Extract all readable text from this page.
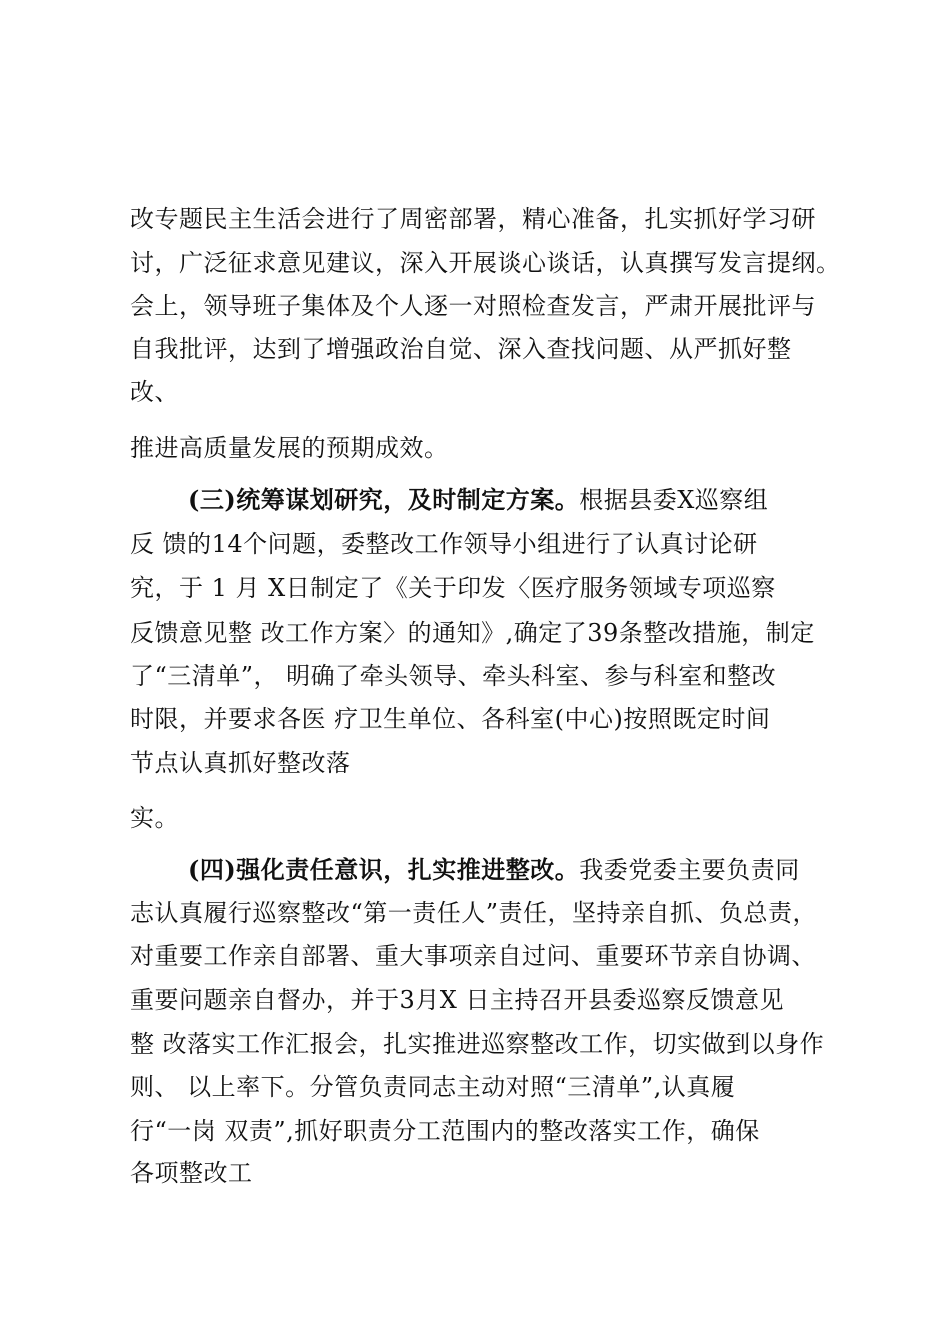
改专题民主生活会进行了周密部署，精心准备，扎实抓好学习研
讨，广泛征求意见建议，深入开展谈心谈话，认真撰写发言提纲。
会上，领导班子集体及个人逐一对照检查发言，严肃开展批评与
自我批评，达到了增强政治自觉、深入查找问题、从严抓好整
改、
推进高质量发展的预期成效。
(三)统筹谋划研究，及时制定方案。根据县委X巡察组
反 馈的14个问题，委整改工作领导小组进行了认真讨论研
究，于 1 月 X日制定了《关于印发〈医疗服务领域专项巡察
反馈意见整 改工作方案〉的通知》,确定了39条整改措施，制定
了“三清单”， 明确了牵头领导、牵头科室、参与科室和整改
时限，并要求各医 疗卫生单位、各科室(中心)按照既定时间
节点认真抓好整改落
实。
(四)强化责任意识，扎实推进整改。我委党委主要负责同
志认真履行巡察整改“第一责任人”责任，坚持亲自抓、负总责，
对重要工作亲自部署、重大事项亲自过问、重要环节亲自协调、
重要问题亲自督办，并于3月X 日主持召开县委巡察反馈意见
整 改落实工作汇报会，扎实推进巡察整改工作，切实做到以身作
则、 以上率下。分管负责同志主动对照“三清单”,认真履
行“一岗 双责”,抓好职责分工范围内的整改落实工作，确保
各项整改工
